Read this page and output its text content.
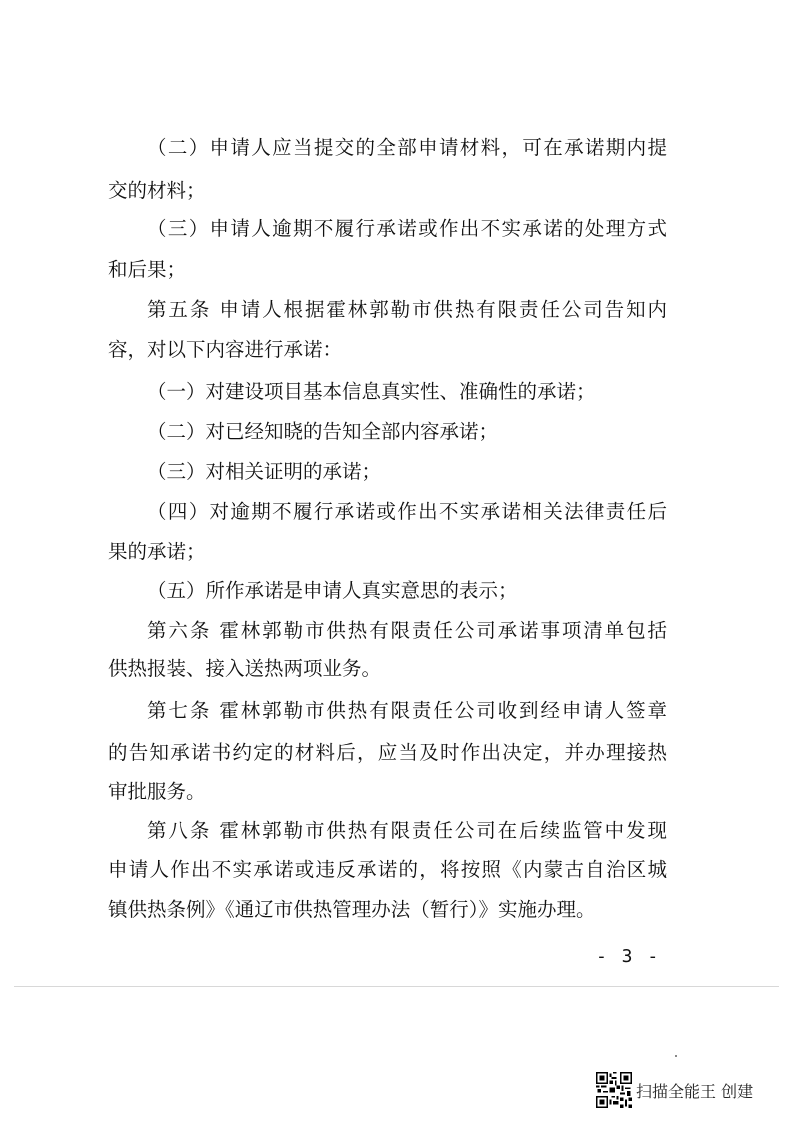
（二）申请人应当提交的全部申请材料，可在承诺期内提
交的材料；
（三）申请人逾期不履行承诺或作出不实承诺的处理方式
和后果；
第五条 申请人根据霍林郭勒市供热有限责任公司告知内
容，对以下内容进行承诺：
（一）对建设项目基本信息真实性、准确性的承诺；
（二）对已经知晓的告知全部内容承诺；
（三）对相关证明的承诺；
（四）对逾期不履行承诺或作出不实承诺相关法律责任后
果的承诺；
（五）所作承诺是申请人真实意思的表示；
第六条 霍林郭勒市供热有限责任公司承诺事项清单包括
供热报装、接入送热两项业务。
第七条 霍林郭勒市供热有限责任公司收到经申请人签章
的告知承诺书约定的材料后，应当及时作出决定，并办理接热
审批服务。
第八条 霍林郭勒市供热有限责任公司在后续监管中发现
申请人作出不实承诺或违反承诺的，将按照《内蒙古自治区城
镇供热条例》《通辽市供热管理办法（暂行）》实施办理。
- 3 -
扫描全能王 创建
